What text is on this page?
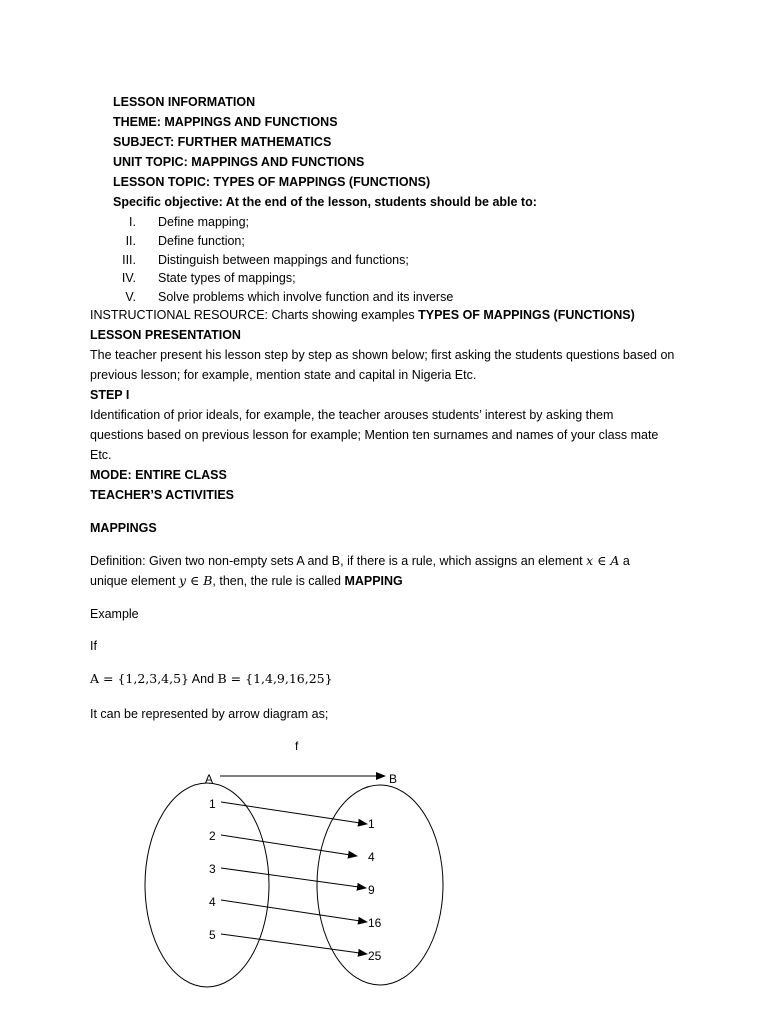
LESSON INFORMATION
THEME: MAPPINGS AND FUNCTIONS
SUBJECT: FURTHER MATHEMATICS
UNIT TOPIC: MAPPINGS AND FUNCTIONS
LESSON TOPIC: TYPES OF MAPPINGS (FUNCTIONS)
Specific objective: At the end of the lesson, students should be able to:
I. Define mapping;
II. Define function;
III. Distinguish between mappings and functions;
IV. State types of mappings;
V. Solve problems which involve function and its inverse
INSTRUCTIONAL RESOURCE: Charts showing examples TYPES OF MAPPINGS (FUNCTIONS)
LESSON PRESENTATION
The teacher present his lesson step by step as shown below; first asking the students questions based on
previous lesson; for example, mention state and capital in Nigeria Etc.
STEP I
Identification of prior ideals, for example, the teacher arouses students’ interest by asking them
questions based on previous lesson for example; Mention ten surnames and names of your class mate
Etc.
MODE: ENTIRE CLASS
TEACHER’S ACTIVITIES
MAPPINGS
Definition: Given two non-empty sets A and B, if there is a rule, which assigns an element x ∈ A a
unique element y ∈ B, then, the rule is called MAPPING
Example
If
A = {1,2,3,4,5} And B = {1,4,9,16,25}
It can be represented by arrow diagram as;
f
A	B
1
2
3
4
5
1
4
9
16
25
